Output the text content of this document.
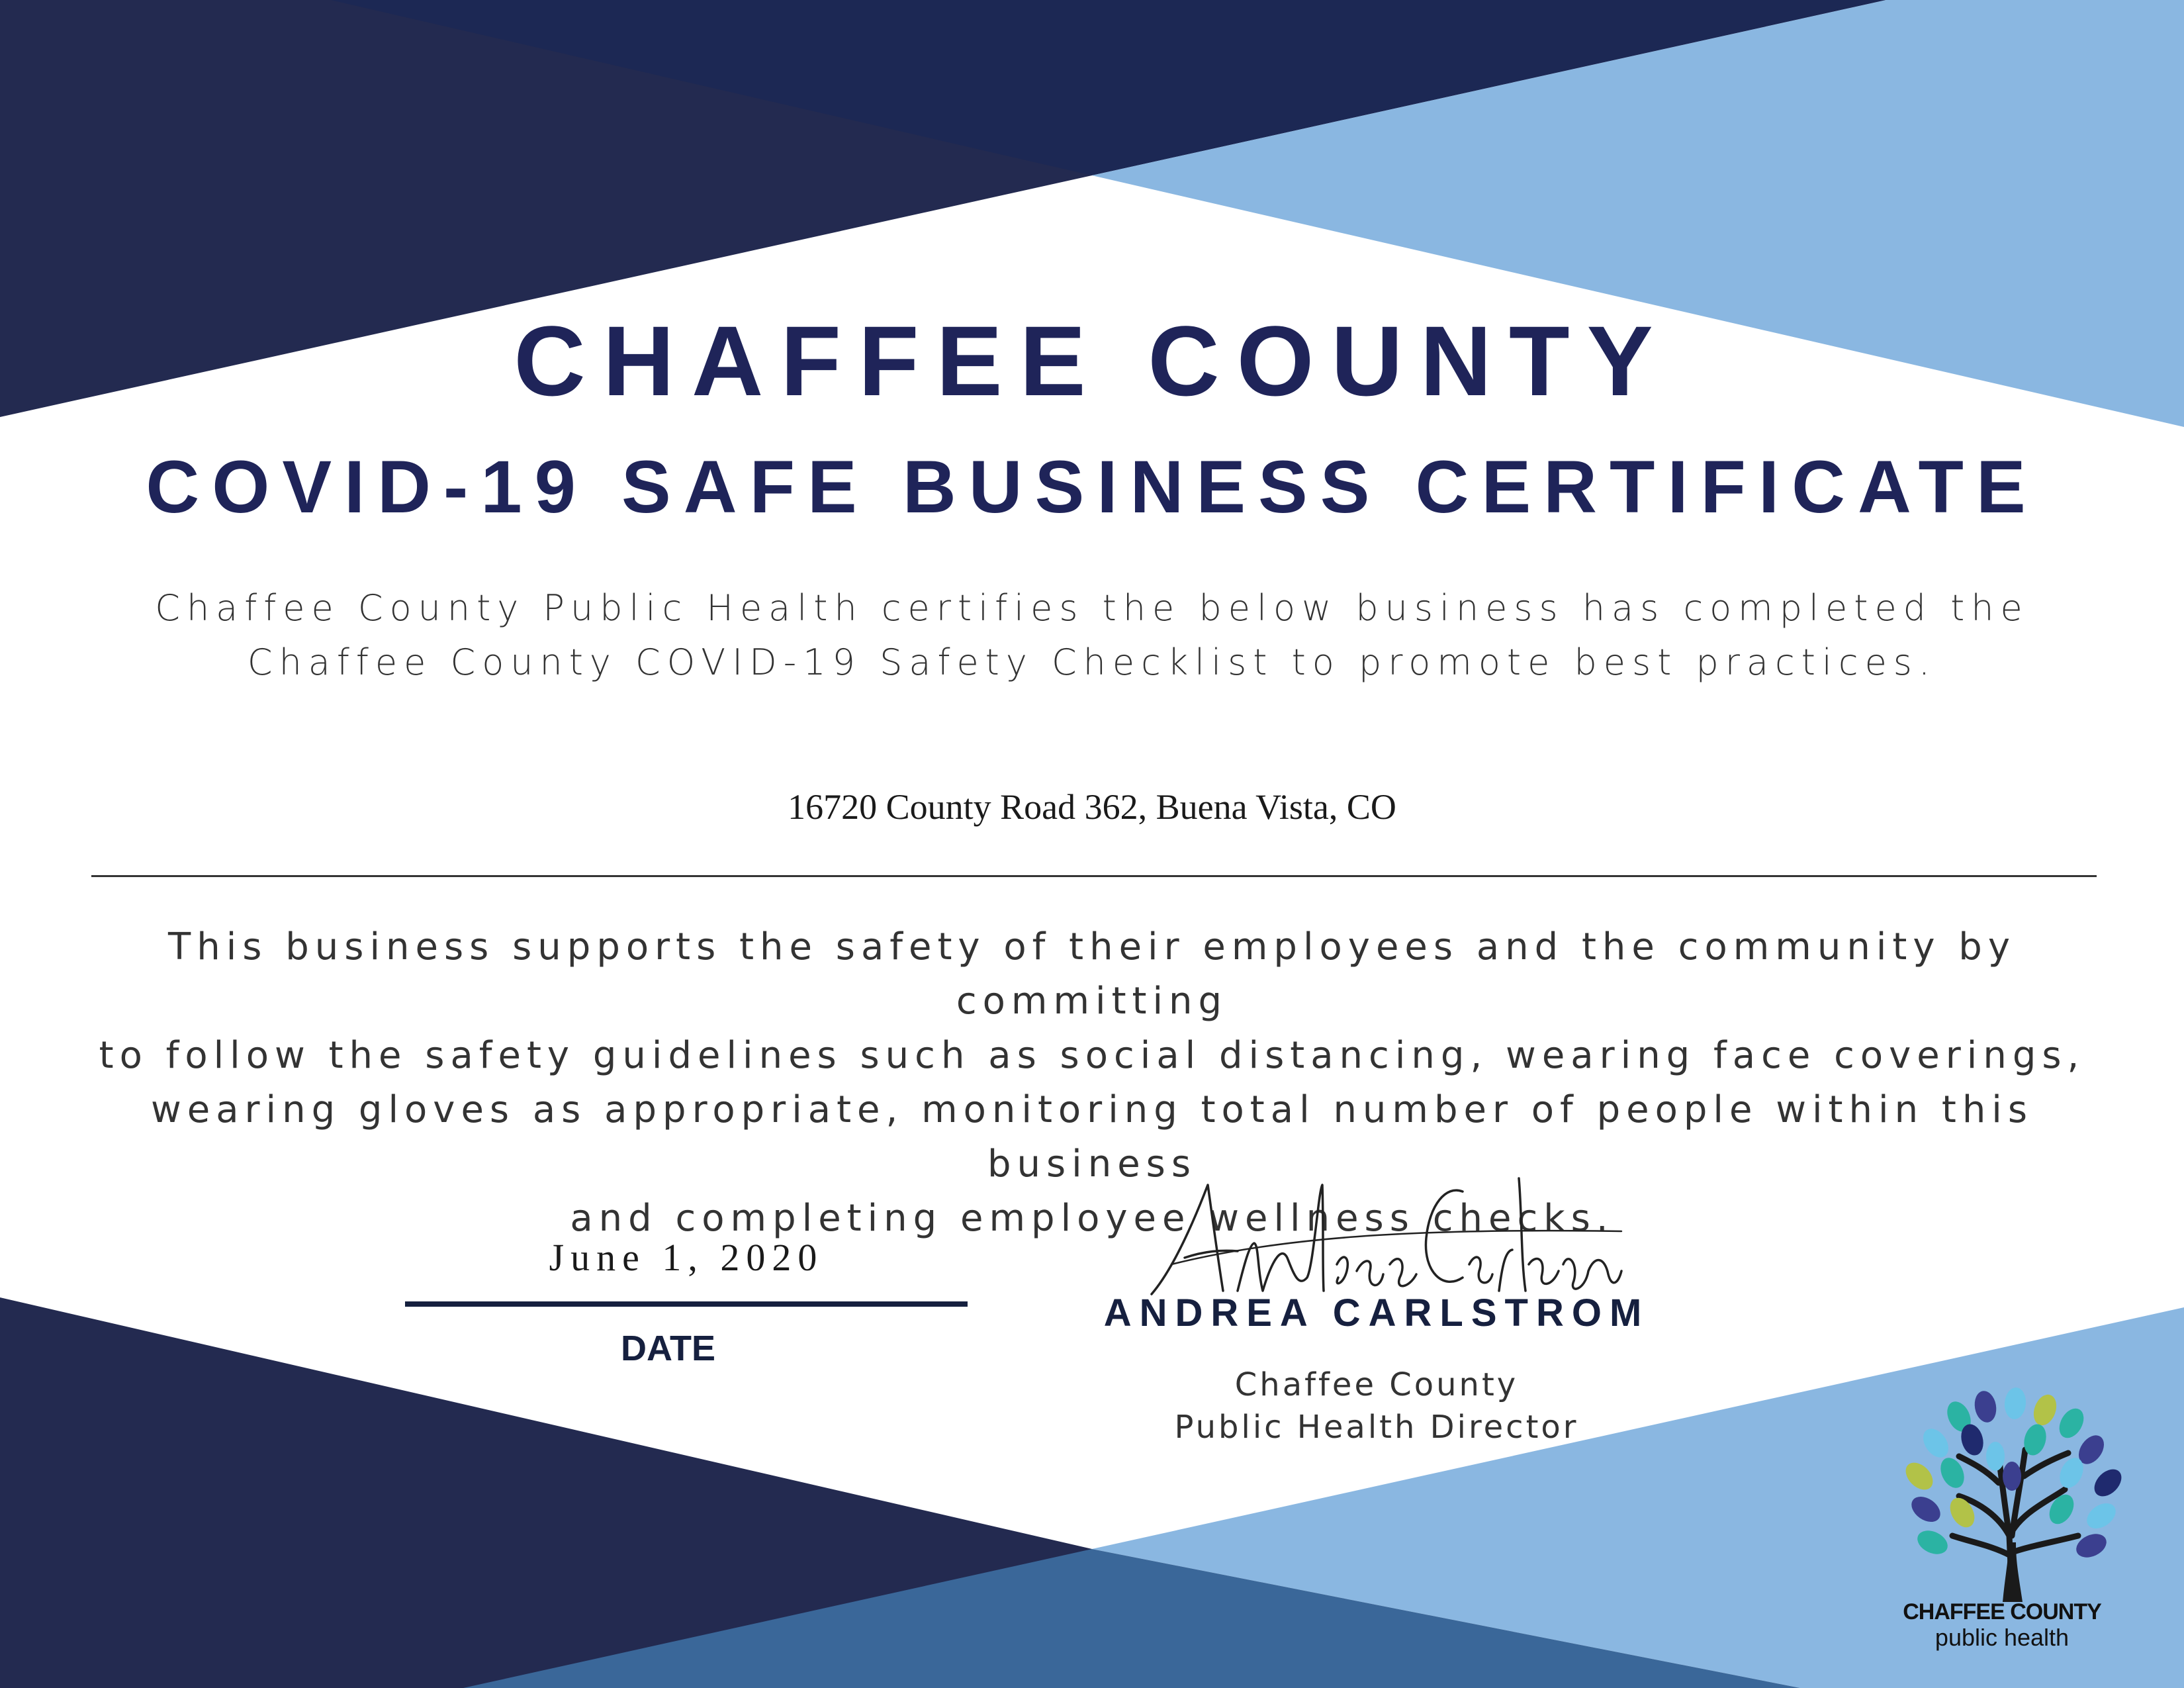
CHAFFEE COUNTY
COVID-19 SAFE BUSINESS CERTIFICATE
Chaffee County Public Health certifies the below business has completed the
Chaffee County COVID-19 Safety Checklist to promote best practices.
16720 County Road 362, Buena Vista, CO
This business supports the safety of their employees and the community by committing
to follow the safety guidelines such as social distancing, wearing face coverings,
wearing gloves as appropriate, monitoring total number of people within this business
and completing employee wellness checks.
June 1, 2020
DATE
ANDREA CARLSTROM
Chaffee County
Public Health Director
CHAFFEE COUNTY
public health
